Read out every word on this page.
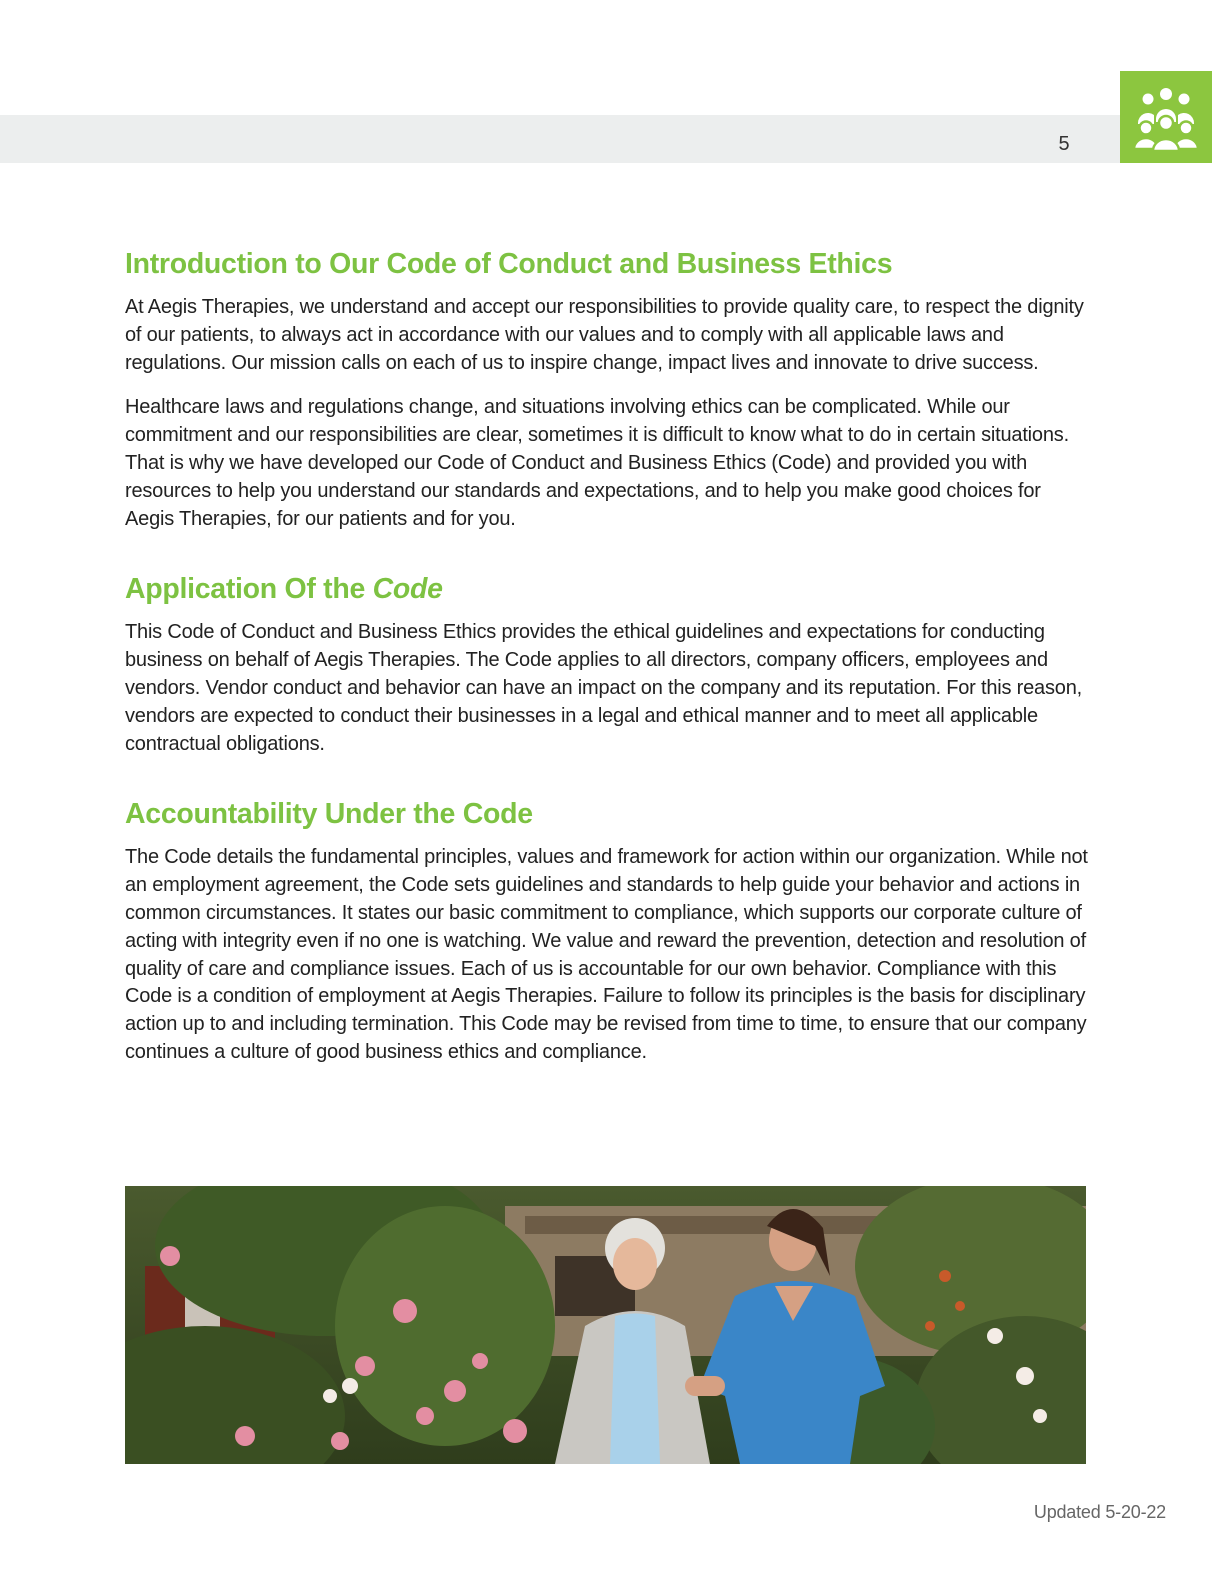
5
Introduction to Our Code of Conduct and Business Ethics

At Aegis Therapies, we understand and accept our responsibilities to provide quality care, to respect the dignity of our patients, to always act in accordance with our values and to comply with all applicable laws and regulations. Our mission calls on each of us to inspire change, impact lives and innovate to drive success.

Healthcare laws and regulations change, and situations involving ethics can be complicated. While our commitment and our responsibilities are clear, sometimes it is difficult to know what to do in certain situations. That is why we have developed our Code of Conduct and Business Ethics (Code) and provided you with resources to help you understand our standards and expectations, and to help you make good choices for Aegis Therapies, for our patients and for you.

Application Of the Code

This Code of Conduct and Business Ethics provides the ethical guidelines and expectations for conducting business on behalf of Aegis Therapies. The Code applies to all directors, company officers, employees and vendors. Vendor conduct and behavior can have an impact on the company and its reputation. For this reason, vendors are expected to conduct their businesses in a legal and ethical manner and to meet all applicable contractual obligations.

Accountability Under the Code

The Code details the fundamental principles, values and framework for action within our organization. While not an employment agreement, the Code sets guidelines and standards to help guide your behavior and actions in common circumstances. It states our basic commitment to compliance, which supports our corporate culture of acting with integrity even if no one is watching. We value and reward the prevention, detection and resolution of quality of care and compliance issues. Each of us is accountable for our own behavior. Compliance with this Code is a condition of employment at Aegis Therapies. Failure to follow its principles is the basis for disciplinary action up to and including termination. This Code may be revised from time to time, to ensure that our company continues a culture of good business ethics and compliance.

Updated 5-20-22
